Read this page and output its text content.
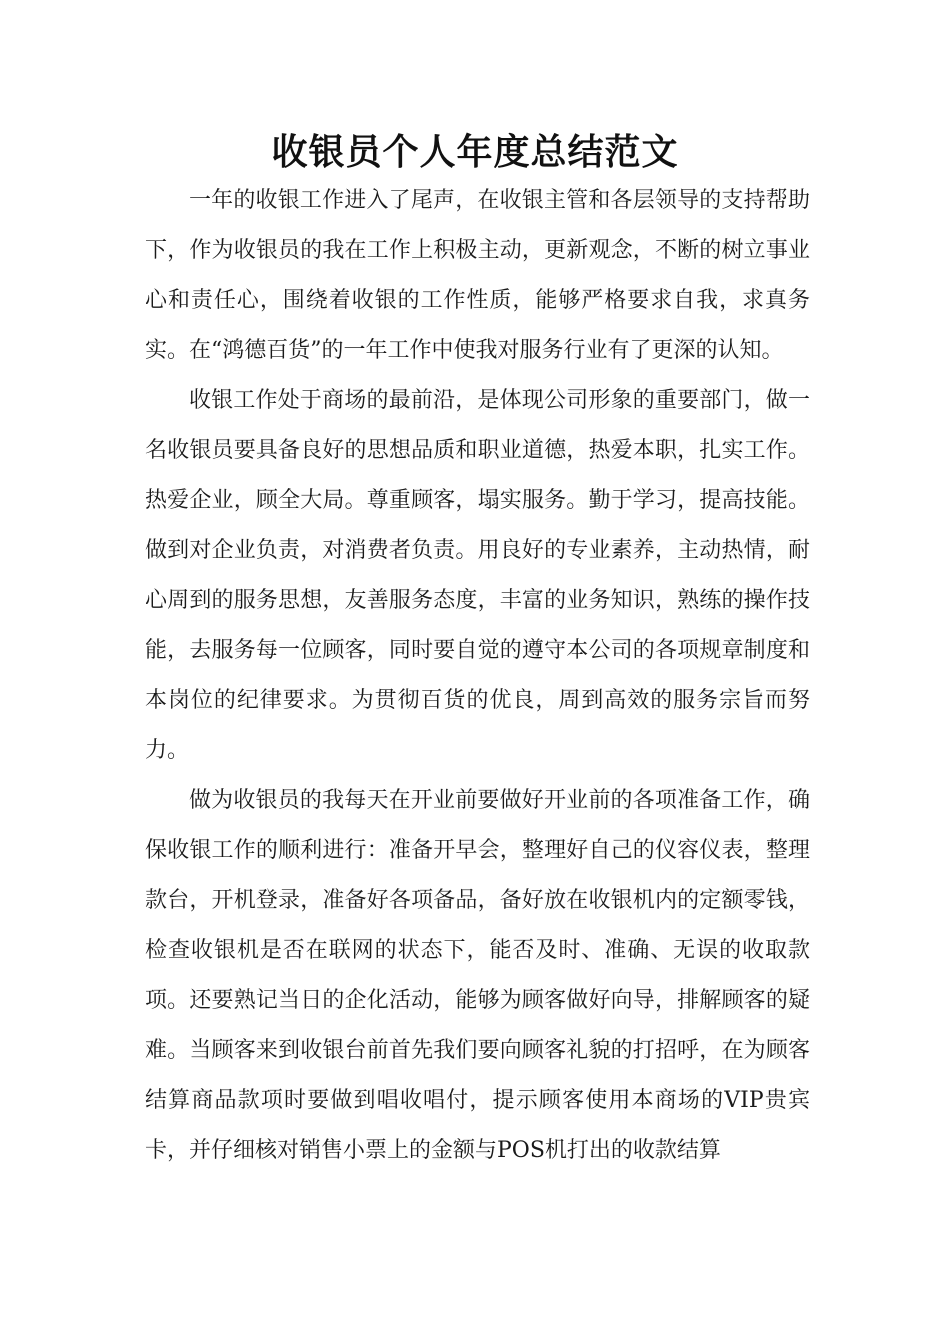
收银员个人年度总结范文

一年的收银工作进入了尾声，在收银主管和各层领导的支持帮助下，作为收银员的我在工作上积极主动，更新观念，不断的树立事业心和责任心，围绕着收银的工作性质，能够严格要求自我，求真务实。在“鸿德百货”的一年工作中使我对服务行业有了更深的认知。

收银工作处于商场的最前沿，是体现公司形象的重要部门，做一名收银员要具备良好的思想品质和职业道德，热爱本职，扎实工作。热爱企业，顾全大局。尊重顾客，塌实服务。勤于学习，提高技能。做到对企业负责，对消费者负责。用良好的专业素养，主动热情，耐心周到的服务思想，友善服务态度，丰富的业务知识，熟练的操作技能，去服务每一位顾客，同时要自觉的遵守本公司的各项规章制度和本岗位的纪律要求。为贯彻百货的优良，周到高效的服务宗旨而努力。

做为收银员的我每天在开业前要做好开业前的各项准备工作，确保收银工作的顺利进行：准备开早会，整理好自己的仪容仪表，整理款台，开机登录，准备好各项备品，备好放在收银机内的定额零钱，检查收银机是否在联网的状态下，能否及时、准确、无误的收取款项。还要熟记当日的企化活动，能够为顾客做好向导，排解顾客的疑难。当顾客来到收银台前首先我们要向顾客礼貌的打招呼，在为顾客结算商品款项时要做到唱收唱付，提示顾客使用本商场的VIP贵宾卡，并仔细核对销售小票上的金额与POS机打出的收款结算
